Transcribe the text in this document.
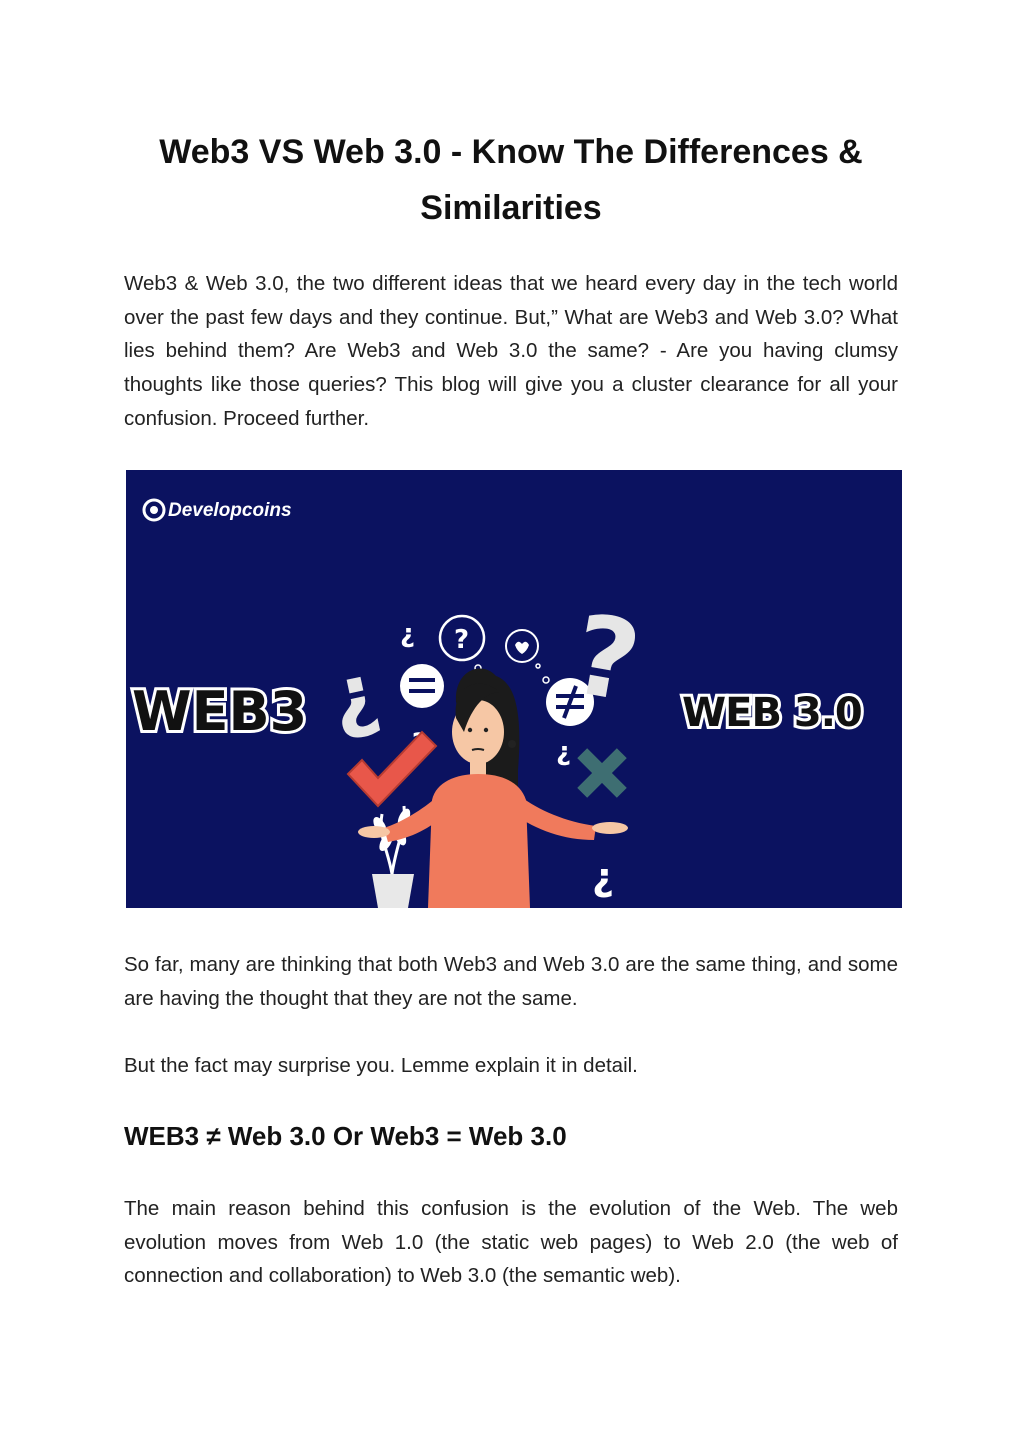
Web3 VS Web 3.0 - Know The Differences &
Similarities

Web3 & Web 3.0, the two different ideas that we heard every day in the tech world over the past few days and they continue. But,” What are Web3 and Web 3.0? What lies behind them? Are Web3 and Web 3.0 the same? - Are you having clumsy thoughts like those queries? This blog will give you a cluster clearance for all your confusion. Proceed further.

So far, many are thinking that both Web3 and Web 3.0 are the same thing, and some are having the thought that they are not the same.

But the fact may surprise you. Lemme explain it in detail.

WEB3 ≠ Web 3.0 Or Web3 = Web 3.0

The main reason behind this confusion is the evolution of the Web. The web evolution moves from Web 1.0 (the static web pages) to Web 2.0 (the web of connection and collaboration) to Web 3.0 (the semantic web).

Developcoins
WEB3	WEB 3.0
?
¿
¿ ?
¿
¿
